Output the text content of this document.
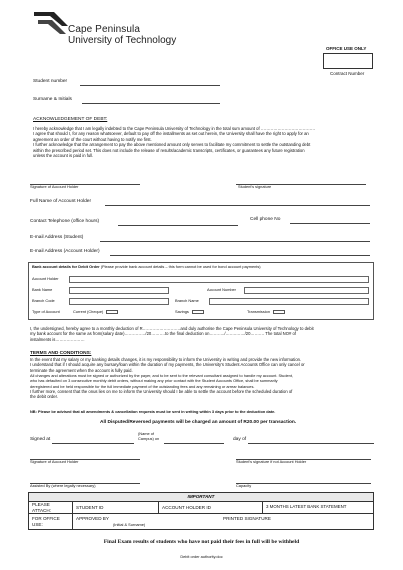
Cape Peninsula
University of Technology
OFFICE USE ONLY
Contract Number
Student number
Surname & Initials
ACKNOWLEDGEMENT OF DEBT:
I hereby acknowledge that I am legally indebted to the Cape Peninsula University of Technology in the total sum amount of …………………………………
I agree that should I, for any reason whatsoever, default to pay off the installments as set out herein, the University shall have the right to apply for an
agreement an order of the court without having to notify me first.
I further acknowledge that the arrangement to pay the above mentioned amount only serves to facilitate my commitment to settle the outstanding debt
within the prescribed period set. This does not include the release of results/academic transcripts, certificates, or guarantees any future registration
unless the account is paid in full.
Signature of Account Holder	Student's signature
Full Name of Account Holder
Contact Telephone (office hours)	Cell phone No
E-mail Address (Student)
E-mail Address (Account Holder)
Bank account details for Debit Order (Please provide bank account details – this form cannot be used for bond account payments)
Account Holder
Bank Name	Account Number
Branch Code	Branch Name
Type of Account	Current (Cheque)	Savings	Transmission
I, the undersigned, hereby agree to a monthly deduction of R………………………and duly authorise the Cape Peninsula University of Technology to debit
my bank account for the same as from(salary date)……………/20……….to the final deduction on………../……..……/20………. The total NO# of
instalments is…………………
TERMS AND CONDITIONS:
In the event that my salary or my banking details changes, it is my responsibility to inform the University in writing and provide the new information.
I understand that if I should acquire any bursary/loan within the duration of my payments, the University's Student Accounts Office can only cancel or
terminate the agreement when the account is fully paid.
All changes and alterations must be signed or authorized by the payer, and to be sent to the relevant consultant assigned to handle my account. Student,
who has defaulted on 3 consecutive monthly debit orders, without making any prior contact with the Student Accounts Office, shall be summarily
deregistered and be held responsible for the full immediate payment of the outstanding fees and any remaining or arrear balances.
I further more, consent that the onus lies on me to inform the University should I be able to settle the account before the scheduled duration of
the debit order.
NB: Please be advised that all amendments & cancellation requests must be sent in writing within 3 days prior to the deduction date.
All Disputed/Reversed payments will be charged an amount of R20.00 per transaction.
Signed at
(Name of
Campus) on	day of
Signature of Account Holder	Student's signature if not Account Holder
Assisted By (where legally necessary)	Capacity
IMPORTANT			
PLEASE ATTACH:	STUDENT ID	ACCOUNT HOLDER ID	3 MONTHS LATEST BANK STATEMENT
FOR OFFICE USE:	APPROVED BY PRINTED SIGNATURE
(Initial & Surname)		
Final Exam results of students who have not paid their fees in full will be withheld
Debit order authority.doc
